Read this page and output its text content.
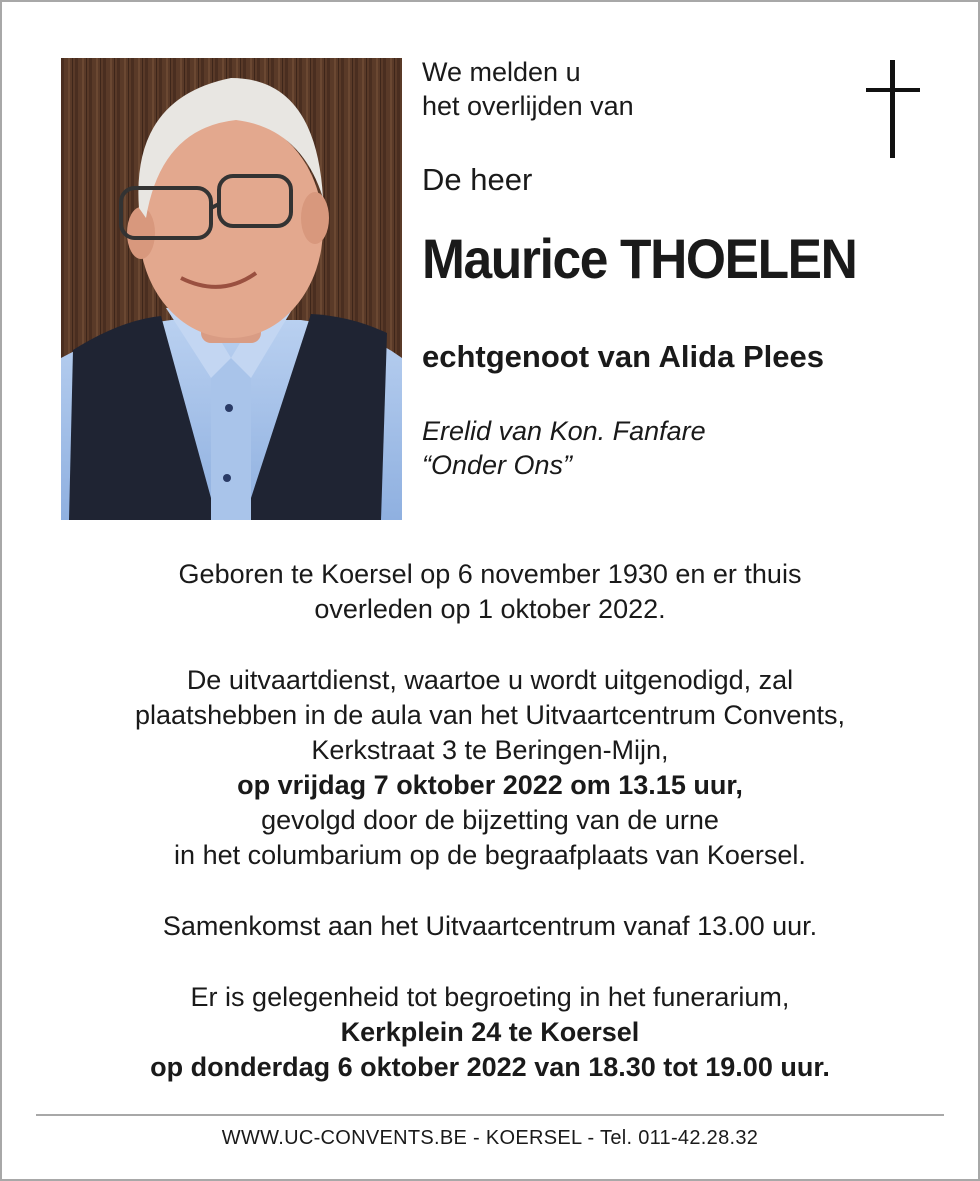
We melden u
het overlijden van
De heer
Maurice THOELEN
echtgenoot van Alida Plees
Erelid van Kon. Fanfare
“Onder Ons”
Geboren te Koersel op 6 november 1930 en er thuis
overleden op 1 oktober 2022.
De uitvaartdienst, waartoe u wordt uitgenodigd, zal
plaatshebben in de aula van het Uitvaartcentrum Convents,
Kerkstraat 3 te Beringen-Mijn,
op vrijdag 7 oktober 2022 om 13.15 uur,
gevolgd door de bijzetting van de urne
in het columbarium op de begraafplaats van Koersel.
Samenkomst aan het Uitvaartcentrum vanaf 13.00 uur.
Er is gelegenheid tot begroeting in het funerarium,
Kerkplein 24 te Koersel
op donderdag 6 oktober 2022 van 18.30 tot 19.00 uur.
WWW.UC-CONVENTS.BE - KOERSEL - Tel. 011-42.28.32
